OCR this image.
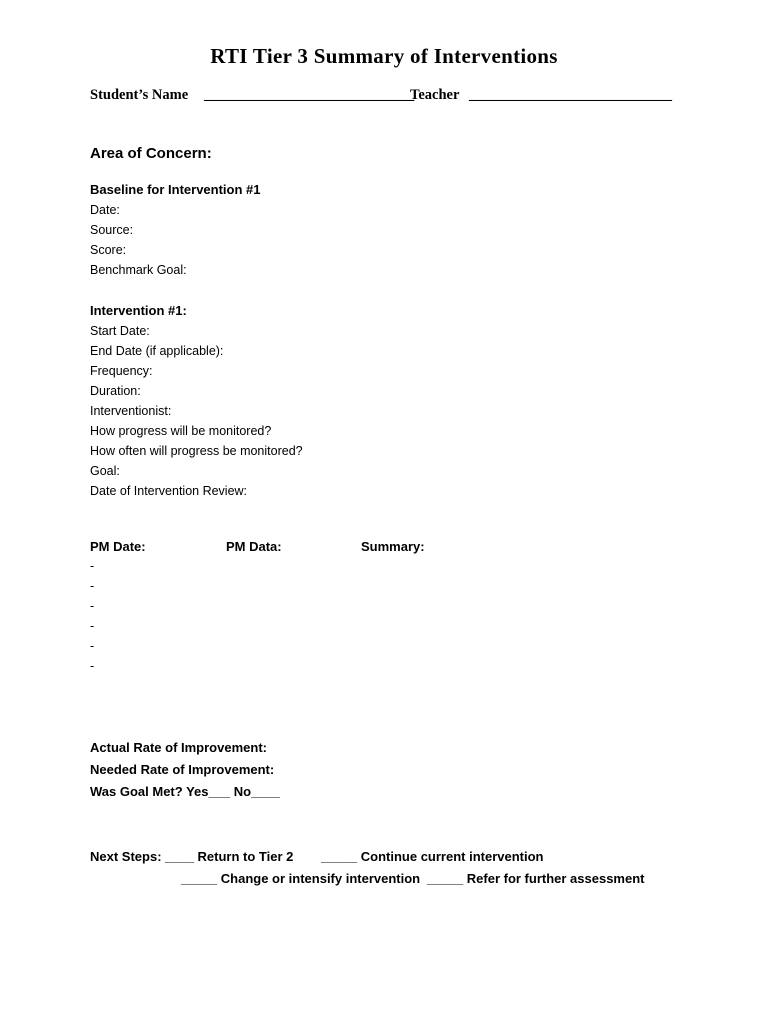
RTI Tier 3 Summary of Interventions
Student’s Name _____________________________
Teacher ____________________________
Area of Concern:
Baseline for Intervention #1
Date:
Source:
Score:
Benchmark Goal:
Intervention #1:
Start Date:
End Date (if applicable):
Frequency:
Duration:
Interventionist:
How progress will be monitored?
How often will progress be monitored?
Goal:
Date of Intervention Review:
PM Date:	PM Data:	Summary:
-
-
-
-
-
-
Actual Rate of Improvement:
Needed Rate of Improvement:
Was Goal Met? Yes___ No____
Next Steps: ____ Return to Tier 2 _____ Continue current intervention
_____ Change or intensify intervention _____ Refer for further assessment
